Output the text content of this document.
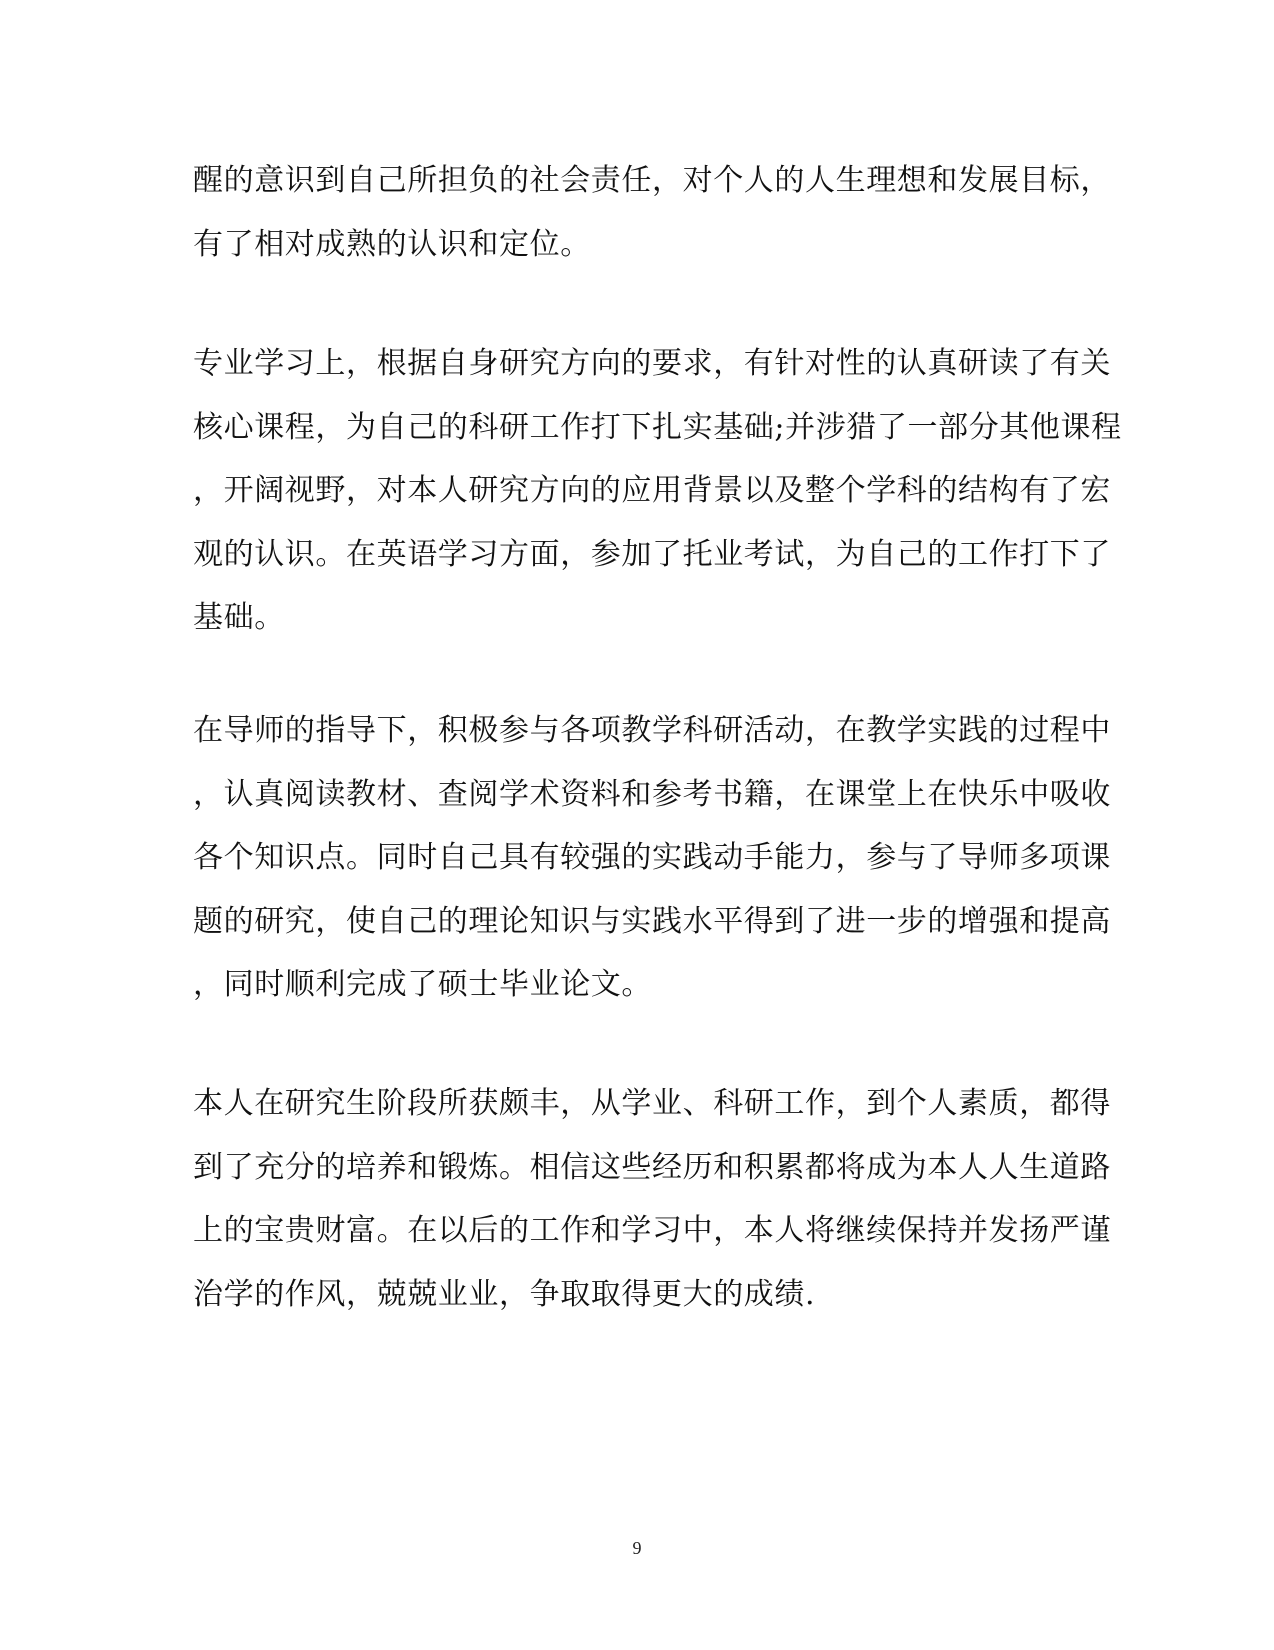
醒的意识到自己所担负的社会责任，对个人的人生理想和发展目标，
有了相对成熟的认识和定位。
专业学习上，根据自身研究方向的要求，有针对性的认真研读了有关
核心课程，为自己的科研工作打下扎实基础;并涉猎了一部分其他课程
，开阔视野，对本人研究方向的应用背景以及整个学科的结构有了宏
观的认识。在英语学习方面，参加了托业考试，为自己的工作打下了
基础。
在导师的指导下，积极参与各项教学科研活动，在教学实践的过程中
，认真阅读教材、查阅学术资料和参考书籍，在课堂上在快乐中吸收
各个知识点。同时自己具有较强的实践动手能力，参与了导师多项课
题的研究，使自己的理论知识与实践水平得到了进一步的增强和提高
，同时顺利完成了硕士毕业论文。
本人在研究生阶段所获颇丰，从学业、科研工作，到个人素质，都得
到了充分的培养和锻炼。相信这些经历和积累都将成为本人人生道路
上的宝贵财富。在以后的工作和学习中，本人将继续保持并发扬严谨
治学的作风，兢兢业业，争取取得更大的成绩.
9
